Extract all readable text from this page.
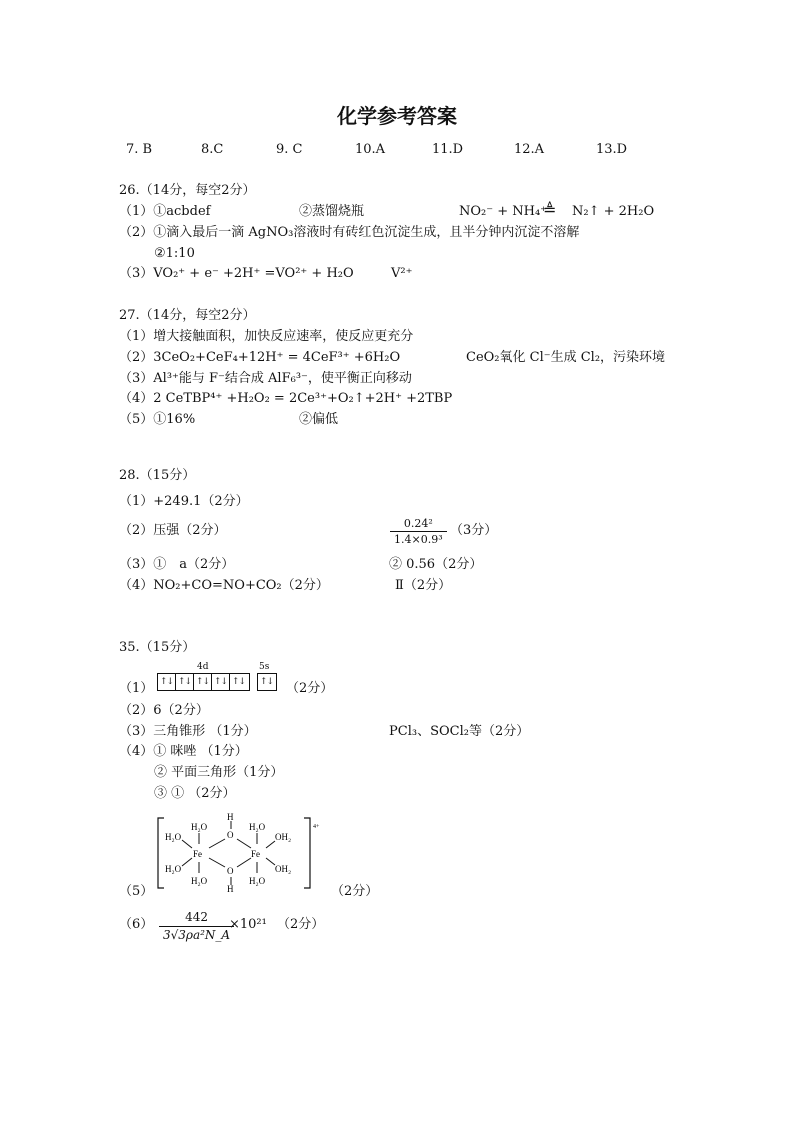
化学参考答案
7. B	8.C	9. C	10.A	11.D	12.A	13.D
26.（14分，每空2分）
（1）①acbdef	②蒸馏烧瓶	NO₂⁻ + NH₄⁺
≜ N₂↑ + 2H₂O
（2）①滴入最后一滴 AgNO₃溶液时有砖红色沉淀生成，且半分钟内沉淀不溶解
②1:10
（3）VO₂⁺ + e⁻ +2H⁺ =VO²⁺ + H₂O	V²⁺
27.（14分，每空2分）
（1）增大接触面积，加快反应速率，使反应更充分
（2）3CeO₂+CeF₄+12H⁺ = 4CeF³⁺ +6H₂O	CeO₂氧化 Cl⁻生成 Cl₂，污染环境
（3）Al³⁺能与 F⁻结合成 AlF₆³⁻，使平衡正向移动
（4）2 CeTBP⁴⁺ +H₂O₂ = 2Ce³⁺+O₂↑+2H⁺ +2TBP
（5）①16%	②偏低
28.（15分）
（1）+249.1（2分）
（2）压强（2分）	$\frac{\text{0.24²}}{\text{1.4×0.9³}} (3$分）
（3）①　a（2分）	② 0.56（2分）
（4）NO₂+CO=NO+CO₂（2分）	Ⅱ（2分）
35.（15分）
4d	5s
（1） ↑↓ ↑↓ ↑↓ ↑↓ ↑↓ ↑↓ （2分）
（2）6（2分）
（3）三角锥形 （1分）	PCl₃、SOCl₂等（2分）
（4）① 咪唑 （1分）
② 平面三角形（1分）
③ ① （2分）
4+
H₂O
H₂O
H₂O
H₂O
Fe
H
O
O
H
Fe
H₂O
OH₂
OH₂
H₂O
（5）	（2分）
$(6) \frac{442}{\text{3√3ρa²N\_A}}$
×10²¹ （2分）
